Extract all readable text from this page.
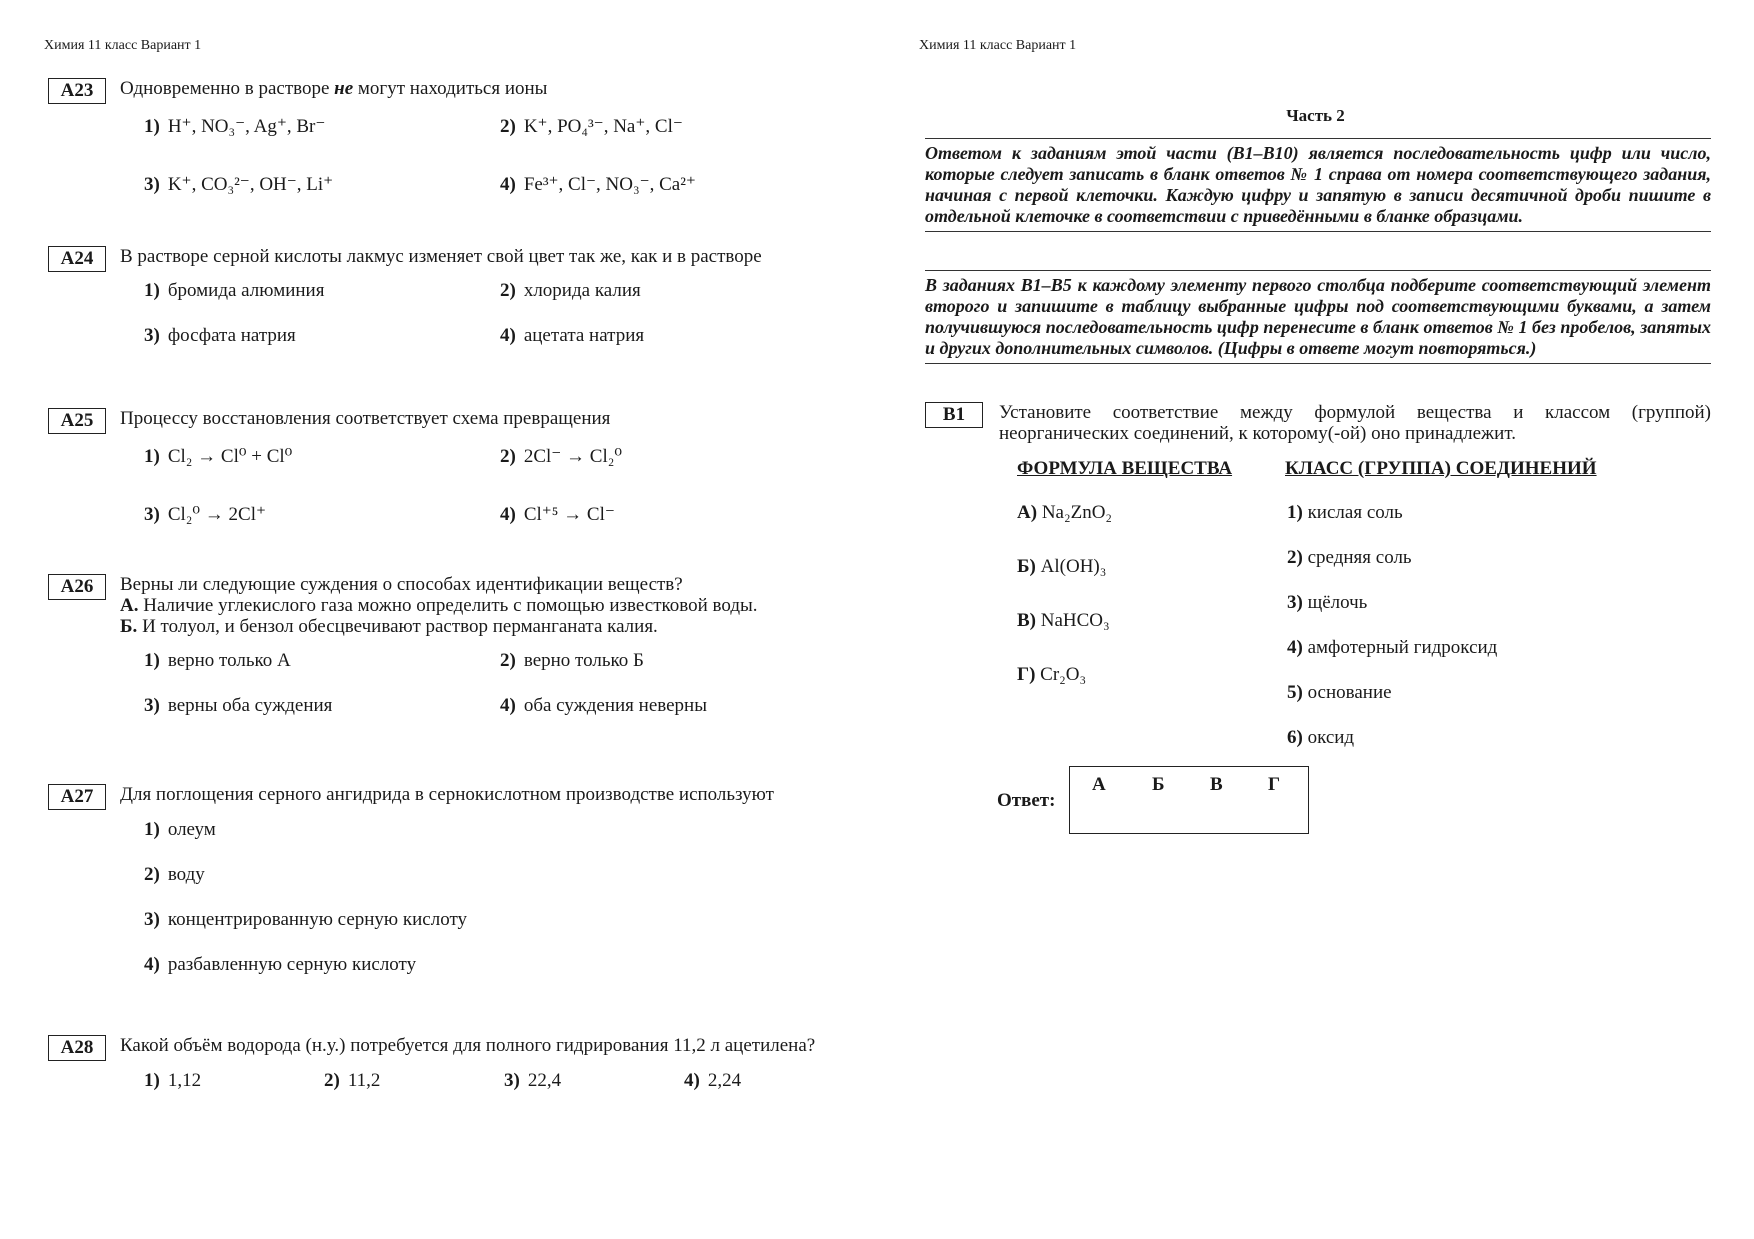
Химия 11 класс Вариант 1
А23	Одновременно в растворе не могут находиться ионы
1) H⁺, NO₃⁻, Ag⁺, Br⁻	2) K⁺, PO₄³⁻, Na⁺, Cl⁻
3) K⁺, CO₃²⁻, OH⁻, Li⁺	4) Fe³⁺, Cl⁻, NO₃⁻, Ca²⁺
А24	В растворе серной кислоты лакмус изменяет свой цвет так же, как и в растворе
1) бромида алюминия	2) хлорида калия
3) фосфата натрия	4) ацетата натрия
А25	Процессу восстановления соответствует схема превращения
1) Cl₂ → Cl⁰ + Cl⁰	2) 2Cl⁻ → Cl₂⁰
3) Cl₂⁰ → 2Cl⁺	4) Cl⁺⁵ → Cl⁻
А26	Верны ли следующие суждения о способах идентификации веществ?
А. Наличие углекислого газа можно определить с помощью известковой воды.
Б. И толуол, и бензол обесцвечивают раствор перманганата калия.
1) верно только А	2) верно только Б
3) верны оба суждения	4) оба суждения неверны
А27	Для поглощения серного ангидрида в сернокислотном производстве используют
1) олеум
2) воду
3) концентрированную серную кислоту
4) разбавленную серную кислоту
А28	Какой объём водорода (н.у.) потребуется для полного гидрирования 11,2 л ацетилена?
1) 1,12	2) 11,2	3) 22,4	4) 2,24
Химия 11 класс Вариант 1
Часть 2
Ответом к заданиям этой части (В1–В10) является последовательность цифр или число, которые следует записать в бланк ответов № 1 справа от номера соответствующего задания, начиная с первой клеточки. Каждую цифру и запятую в записи десятичной дроби пишите в отдельной клеточке в соответствии с приведёнными в бланке образцами.
В заданиях В1–В5 к каждому элементу первого столбца подберите соответствующий элемент второго и запишите в таблицу выбранные цифры под соответствующими буквами, а затем получившуюся последовательность цифр перенесите в бланк ответов № 1 без пробелов, запятых и других дополнительных символов. (Цифры в ответе могут повторяться.)
В1	Установите соответствие между формулой вещества и классом (группой) неорганических соединений, к которому(-ой) оно принадлежит.
ФОРМУЛА ВЕЩЕСТВА	КЛАСС (ГРУППА) СОЕДИНЕНИЙ
А) Na₂ZnO₂
Б) Al(OH)₃
В) NaHCO₃
Г) Cr₂O₃
1) кислая соль
2) средняя соль
3) щёлочь
4) амфотерный гидроксид
5) основание
6) оксид
Ответ:
А Б В Г
